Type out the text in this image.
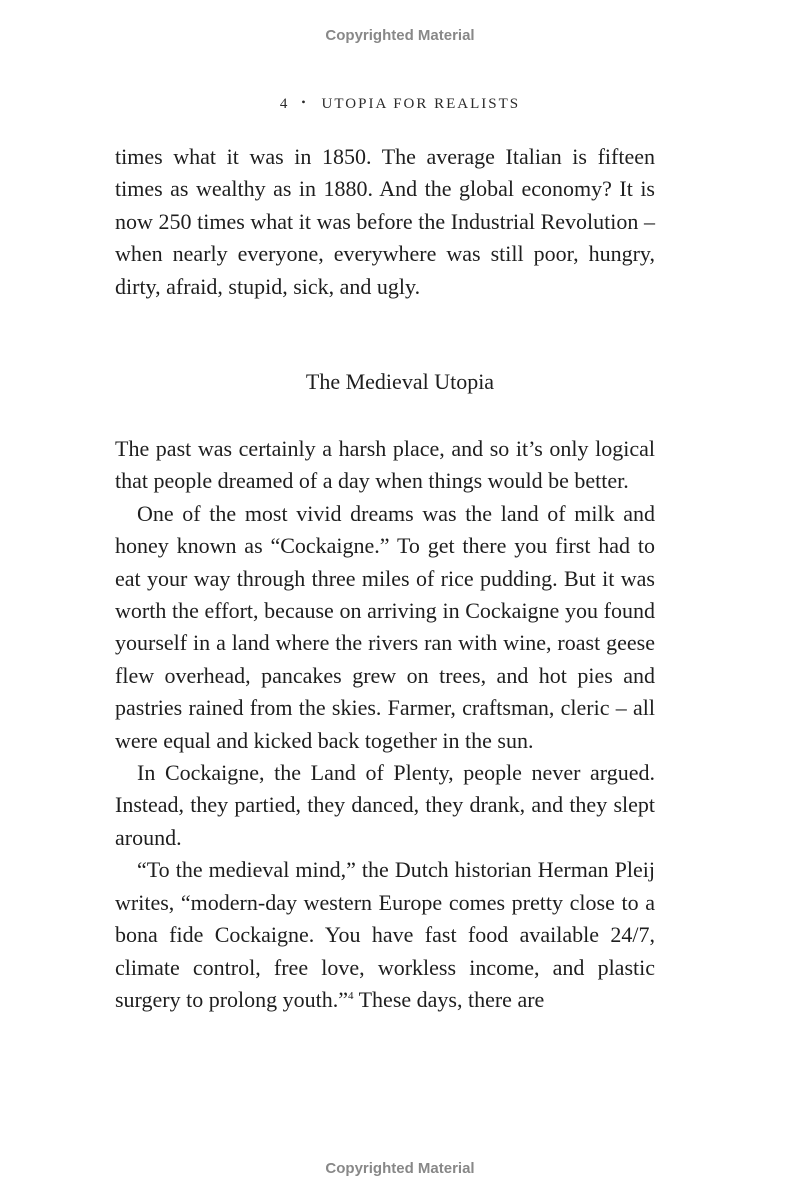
Copyrighted Material
4 • UTOPIA FOR REALISTS

times what it was in 1850. The average Italian is fifteen times as wealthy as in 1880. And the global economy? It is now 250 times what it was before the Industrial Revolution – when nearly everyone, everywhere was still poor, hungry, dirty, afraid, stupid, sick, and ugly.

The Medieval Utopia

The past was certainly a harsh place, and so it’s only logical that people dreamed of a day when things would be better.

One of the most vivid dreams was the land of milk and honey known as “Cockaigne.” To get there you first had to eat your way through three miles of rice pudding. But it was worth the effort, because on arriving in Cockaigne you found yourself in a land where the rivers ran with wine, roast geese flew overhead, pancakes grew on trees, and hot pies and pastries rained from the skies. Farmer, craftsman, cleric – all were equal and kicked back together in the sun.

In Cockaigne, the Land of Plenty, people never argued. Instead, they partied, they danced, they drank, and they slept around.

“To the medieval mind,” the Dutch historian Herman Pleij writes, “modern-day western Europe comes pretty close to a bona fide Cockaigne. You have fast food available 24/7, climate control, free love, workless income, and plastic surgery to prolong youth.”$^4$ These days, there are

Copyrighted Material
